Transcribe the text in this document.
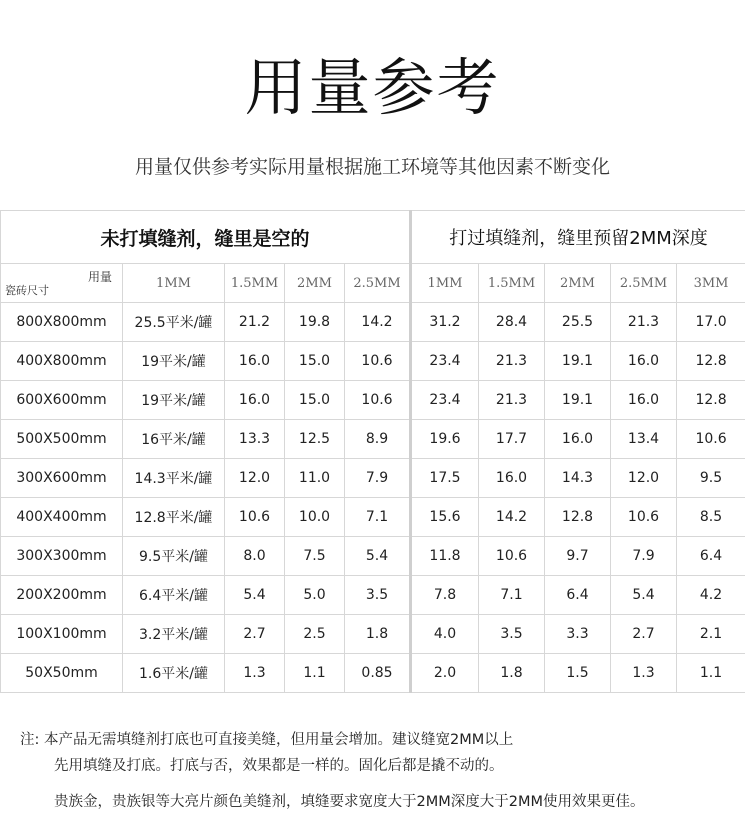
用量参考
用量仅供参考实际用量根据施工环境等其他因素不断变化
未打填缝剂，缝里是空的					打过填缝剂，缝里预留2MM深度				

用量
瓷砖尺寸	1MM	1.5MM	2MM	2.5MM	1MM	1.5MM	2MM	2.5MM	3MM
800X800mm	25.5平米/罐	21.2	19.8	14.2	31.2	28.4	25.5	21.3	17.0
400X800mm	19平米/罐	16.0	15.0	10.6	23.4	21.3	19.1	16.0	12.8
600X600mm	19平米/罐	16.0	15.0	10.6	23.4	21.3	19.1	16.0	12.8
500X500mm	16平米/罐	13.3	12.5	8.9	19.6	17.7	16.0	13.4	10.6
300X600mm	14.3平米/罐	12.0	11.0	7.9	17.5	16.0	14.3	12.0	9.5
400X400mm	12.8平米/罐	10.6	10.0	7.1	15.6	14.2	12.8	10.6	8.5
300X300mm	9.5平米/罐	8.0	7.5	5.4	11.8	10.6	9.7	7.9	6.4
200X200mm	6.4平米/罐	5.4	5.0	3.5	7.8	7.1	6.4	5.4	4.2
100X100mm	3.2平米/罐	2.7	2.5	1.8	4.0	3.5	3.3	2.7	2.1
50X50mm	1.6平米/罐	1.3	1.1	0.85	2.0	1.8	1.5	1.3	1.1
注: 本产品无需填缝剂打底也可直接美缝，但用量会增加。建议缝宽2MM以上
先用填缝及打底。打底与否，效果都是一样的。固化后都是撬不动的。
贵族金，贵族银等大亮片颜色美缝剂，填缝要求宽度大于2MM深度大于2MM使用效果更佳。
